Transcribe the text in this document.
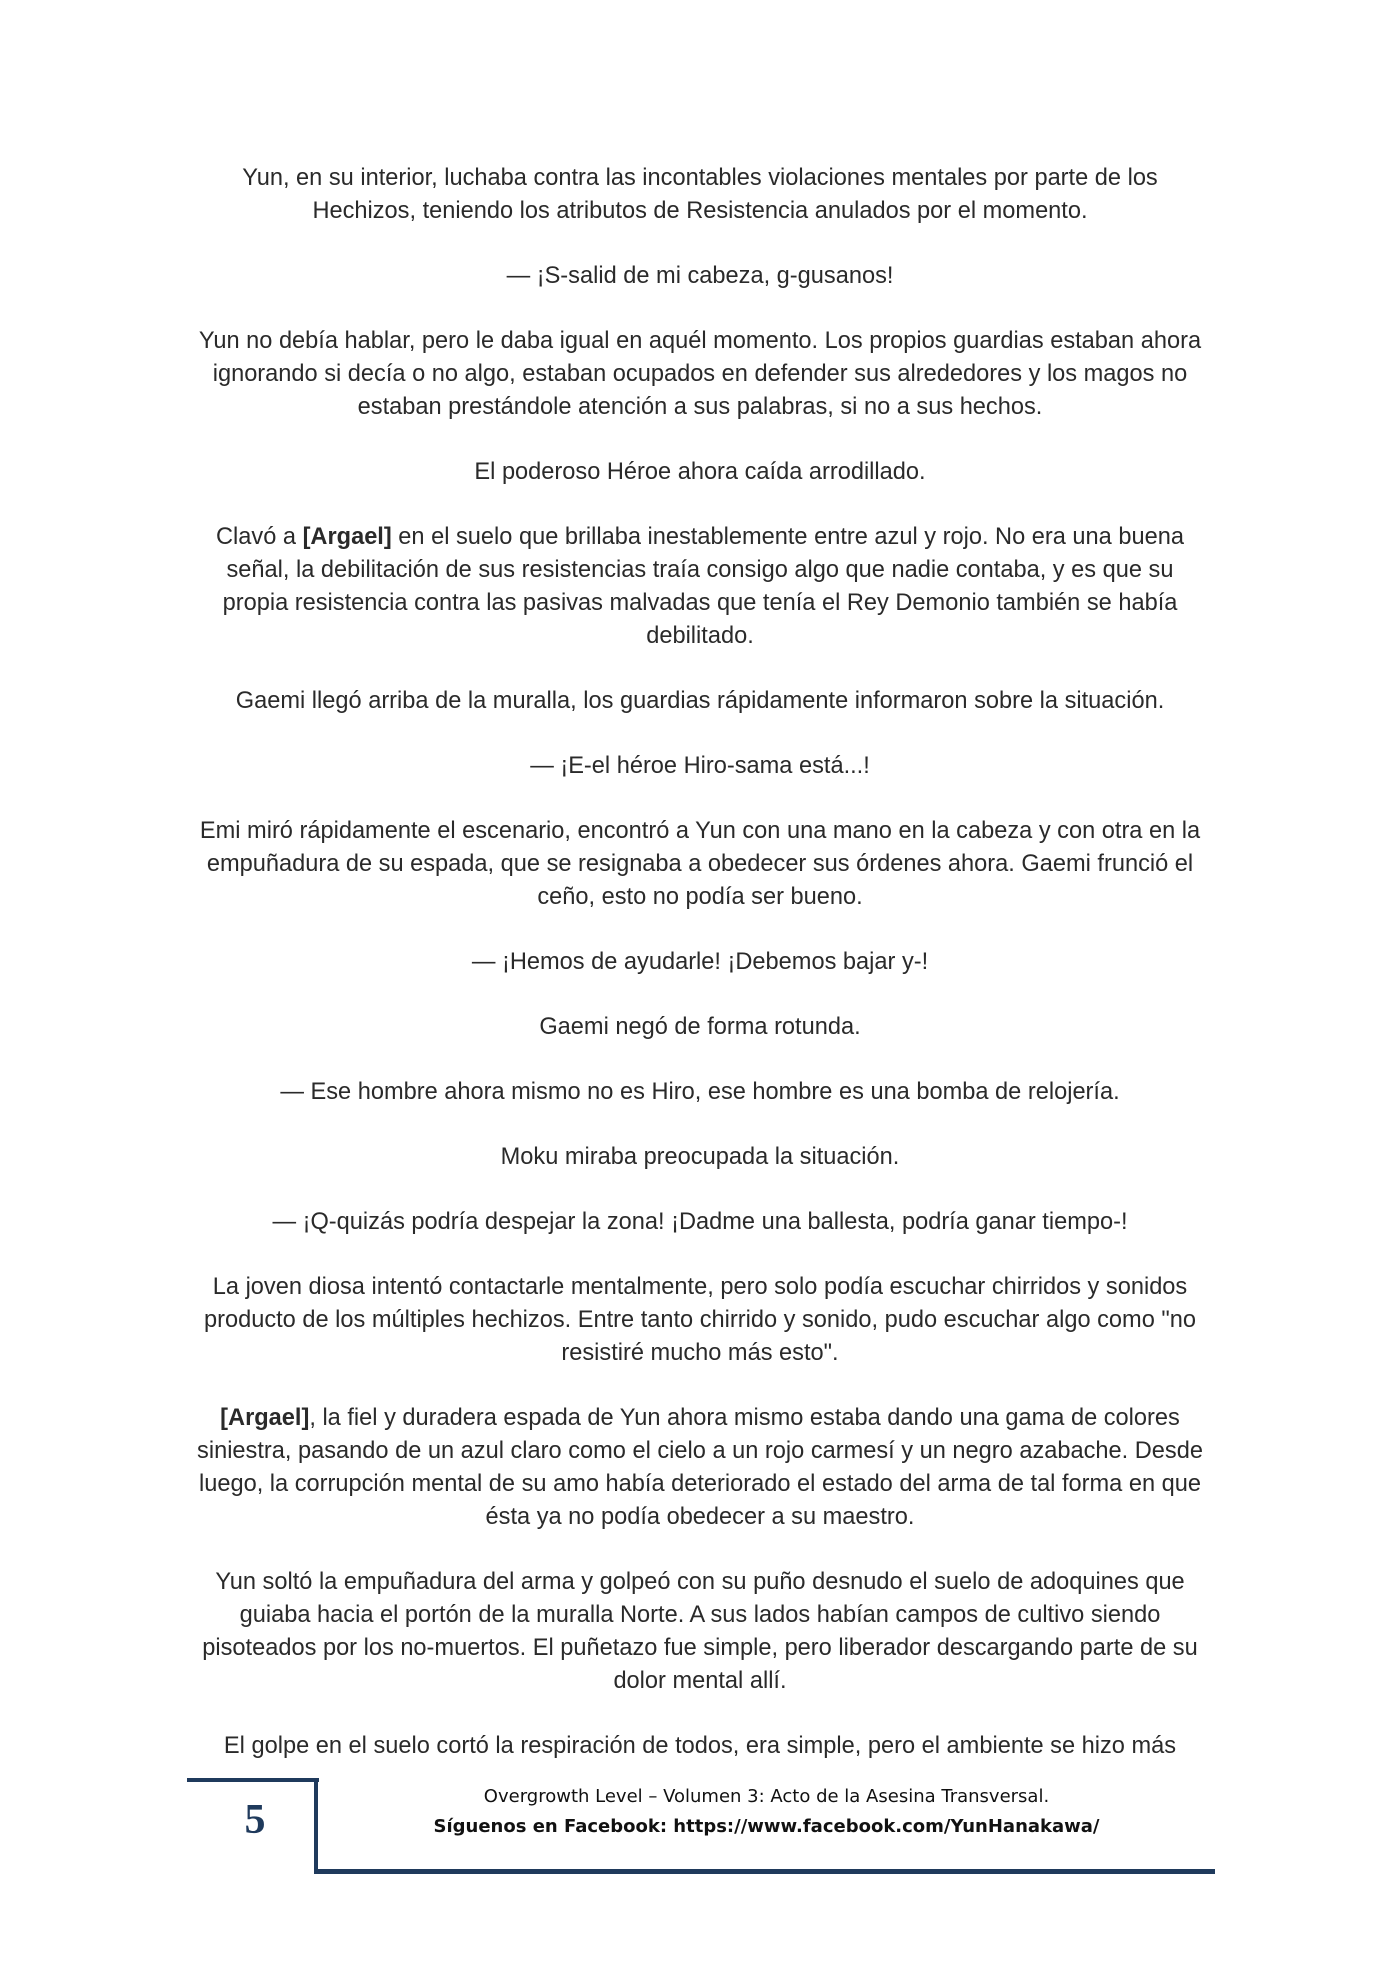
Yun, en su interior, luchaba contra las incontables violaciones mentales por parte de los Hechizos, teniendo los atributos de Resistencia anulados por el momento.

— ¡S-salid de mi cabeza, g-gusanos!

Yun no debía hablar, pero le daba igual en aquél momento. Los propios guardias estaban ahora ignorando si decía o no algo, estaban ocupados en defender sus alrededores y los magos no estaban prestándole atención a sus palabras, si no a sus hechos.

El poderoso Héroe ahora caída arrodillado.

Clavó a [Argael] en el suelo que brillaba inestablemente entre azul y rojo. No era una buena señal, la debilitación de sus resistencias traía consigo algo que nadie contaba, y es que su propia resistencia contra las pasivas malvadas que tenía el Rey Demonio también se había debilitado.

Gaemi llegó arriba de la muralla, los guardias rápidamente informaron sobre la situación.

— ¡E-el héroe Hiro-sama está...!

Emi miró rápidamente el escenario, encontró a Yun con una mano en la cabeza y con otra en la empuñadura de su espada, que se resignaba a obedecer sus órdenes ahora. Gaemi frunció el ceño, esto no podía ser bueno.

— ¡Hemos de ayudarle! ¡Debemos bajar y-!

Gaemi negó de forma rotunda.

— Ese hombre ahora mismo no es Hiro, ese hombre es una bomba de relojería.

Moku miraba preocupada la situación.

— ¡Q-quizás podría despejar la zona! ¡Dadme una ballesta, podría ganar tiempo-!

La joven diosa intentó contactarle mentalmente, pero solo podía escuchar chirridos y sonidos producto de los múltiples hechizos. Entre tanto chirrido y sonido, pudo escuchar algo como "no resistiré mucho más esto".

[Argael], la fiel y duradera espada de Yun ahora mismo estaba dando una gama de colores siniestra, pasando de un azul claro como el cielo a un rojo carmesí y un negro azabache. Desde luego, la corrupción mental de su amo había deteriorado el estado del arma de tal forma en que ésta ya no podía obedecer a su maestro.

Yun soltó la empuñadura del arma y golpeó con su puño desnudo el suelo de adoquines que guiaba hacia el portón de la muralla Norte. A sus lados habían campos de cultivo siendo pisoteados por los no-muertos. El puñetazo fue simple, pero liberador descargando parte de su dolor mental allí.

El golpe en el suelo cortó la respiración de todos, era simple, pero el ambiente se hizo más

5
Overgrowth Level – Volumen 3: Acto de la Asesina Transversal.
Síguenos en Facebook: https://www.facebook.com/YunHanakawa/
